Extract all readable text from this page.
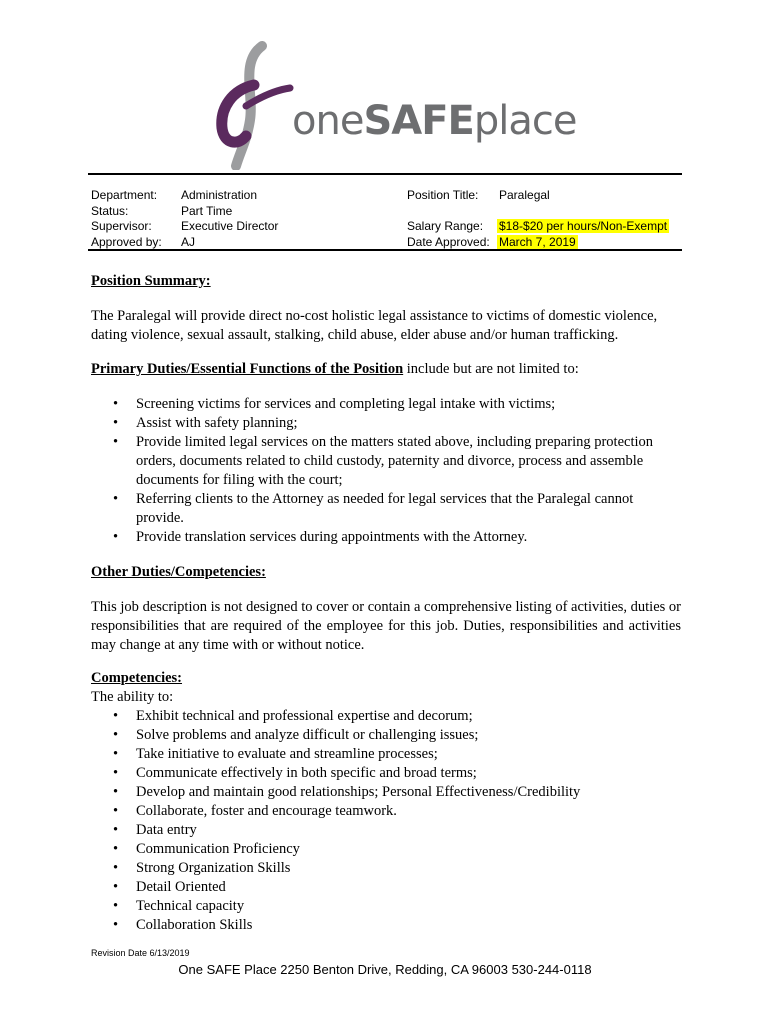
oneSAFEplace
Department:
Status:
Supervisor:
Approved by:
Administration
Part Time
Executive Director
AJ
Position Title:

Salary Range:
Date Approved:
Paralegal

$18-$20 per hours/Non-Exempt
March 7, 2019
Position Summary:
The Paralegal will provide direct no-cost holistic legal assistance to victims of domestic violence, dating violence, sexual assault, stalking, child abuse, elder abuse and/or human trafficking.
Primary Duties/Essential Functions of the Position include but are not limited to:
• Screening victims for services and completing legal intake with victims;
• Assist with safety planning;
• Provide limited legal services on the matters stated above, including preparing protection orders, documents related to child custody, paternity and divorce, process and assemble documents for filing with the court;
• Referring clients to the Attorney as needed for legal services that the Paralegal cannot provide.
• Provide translation services during appointments with the Attorney.
Other Duties/Competencies:
This job description is not designed to cover or contain a comprehensive listing of activities, duties or responsibilities that are required of the employee for this job. Duties, responsibilities and activities may change at any time with or without notice.
Competencies:
The ability to:
• Exhibit technical and professional expertise and decorum;
• Solve problems and analyze difficult or challenging issues;
• Take initiative to evaluate and streamline processes;
• Communicate effectively in both specific and broad terms;
• Develop and maintain good relationships; Personal Effectiveness/Credibility
• Collaborate, foster and encourage teamwork.
• Data entry
• Communication Proficiency
• Strong Organization Skills
• Detail Oriented
• Technical capacity
• Collaboration Skills
Revision Date 6/13/2019
One SAFE Place 2250 Benton Drive, Redding, CA 96003 530-244-0118
